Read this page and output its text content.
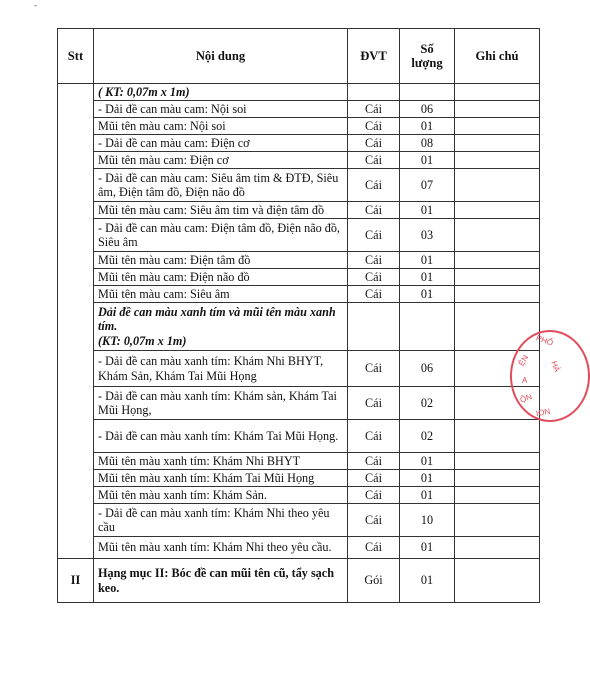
-
Stt	Nội dung	ĐVT	Số lượng	Ghi chú
	( KT: 0,07m x 1m)			
	- Dải đề can màu cam: Nội soi	Cái	06	
	Mũi tên màu cam: Nội soi	Cái	01	
	- Dải đề can màu cam: Điện cơ	Cái	08	
	Mũi tên màu cam: Điện cơ	Cái	01	
	- Dải đề can màu cam: Siêu âm tim & ĐTĐ, Siêu âm, Điện tâm đồ, Điện não đồ	Cái	07	
	Mũi tên màu cam: Siêu âm tim và điện tâm đồ	Cái	01	
	- Dải đề can màu cam: Điện tâm đồ, Điện não đồ, Siêu âm	Cái	03	
	Mũi tên màu cam: Điện tâm đồ	Cái	01	
	Mũi tên màu cam: Điện não đồ	Cái	01	
	Mũi tên màu cam: Siêu âm	Cái	01	

	Dải đề can màu xanh tím và mũi tên màu xanh tím.
(KT: 0,07m x 1m)			

	- Dải đề can màu xanh tím: Khám Nhi BHYT, Khám Sản, Khám Tai Mũi Họng	Cái	06	
	- Dải đề can màu xanh tím: Khám sản, Khám Tai Mũi Họng,	Cái	02	
	- Dải đề can màu xanh tím: Khám Tai Mũi Họng.	Cái	02	
	Mũi tên màu xanh tím: Khám Nhi BHYT	Cái	01	
	Mũi tên màu xanh tím: Khám Tai Mũi Họng	Cái	01	
	Mũi tên màu xanh tím: Khám Sản.	Cái	01	
	- Dải đề can màu xanh tím: Khám Nhi theo yêu cầu	Cái	10	
	Mũi tên màu xanh tím: Khám Nhi theo yêu cầu.	Cái	01	
II	Hạng mục II: Bóc đề can mũi tên cũ, tẩy sạch keo.	Gói	01	
PHỐ
HÀ
ỆN
A
ỘN
ION
